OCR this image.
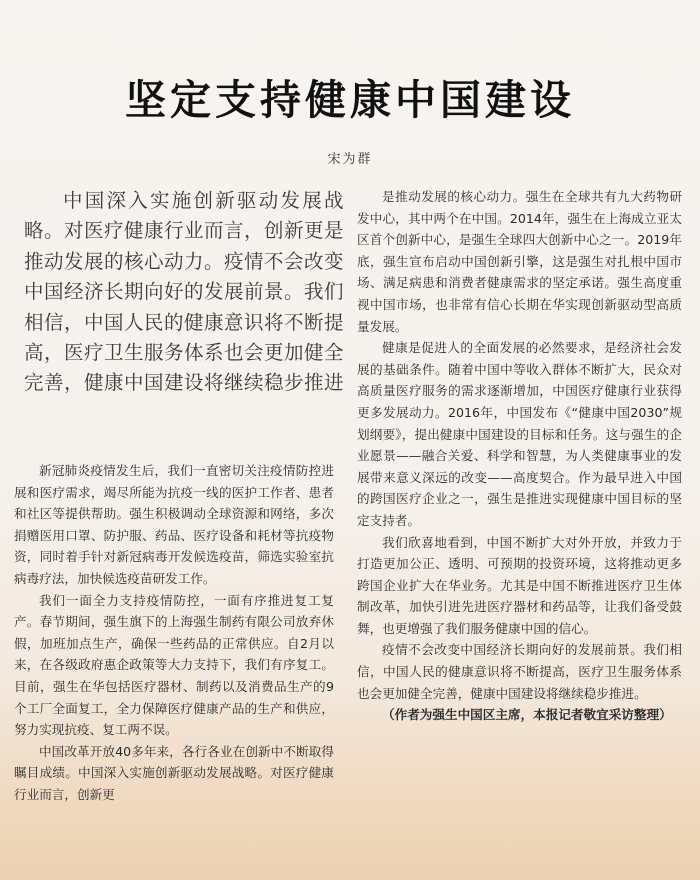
坚定支持健康中国建设
宋为群
中国深入实施创新驱动发展战略。对医疗健康行业而言，创新更是推动发展的核心动力。疫情不会改变中国经济长期向好的发展前景。我们相信，中国人民的健康意识将不断提高，医疗卫生服务体系也会更加健全完善，健康中国建设将继续稳步推进

新冠肺炎疫情发生后，我们一直密切关注疫情防控进展和医疗需求，竭尽所能为抗疫一线的医护工作者、患者和社区等提供帮助。强生积极调动全球资源和网络，多次捐赠医用口罩、防护服、药品、医疗设备和耗材等抗疫物资，同时着手针对新冠病毒开发候选疫苗，筛选实验室抗病毒疗法，加快候选疫苗研发工作。

我们一面全力支持疫情防控，一面有序推进复工复产。春节期间，强生旗下的上海强生制药有限公司放弃休假，加班加点生产，确保一些药品的正常供应。自2月以来，在各级政府惠企政策等大力支持下，我们有序复工。目前，强生在华包括医疗器材、制药以及消费品生产的9个工厂全面复工，全力保障医疗健康产品的生产和供应，努力实现抗疫、复工两不误。

中国改革开放40多年来，各行各业在创新中不断取得瞩目成绩。中国深入实施创新驱动发展战略。对医疗健康行业而言，创新更

是推动发展的核心动力。强生在全球共有九大药物研发中心，其中两个在中国。2014年，强生在上海成立亚太区首个创新中心，是强生全球四大创新中心之一。2019年底，强生宣布启动中国创新引擎，这是强生对扎根中国市场、满足病患和消费者健康需求的坚定承诺。强生高度重视中国市场，也非常有信心长期在华实现创新驱动型高质量发展。

健康是促进人的全面发展的必然要求，是经济社会发展的基础条件。随着中国中等收入群体不断扩大，民众对高质量医疗服务的需求逐渐增加，中国医疗健康行业获得更多发展动力。2016年，中国发布《“健康中国2030”规划纲要》，提出健康中国建设的目标和任务。这与强生的企业愿景——融合关爱、科学和智慧，为人类健康事业的发展带来意义深远的改变——高度契合。作为最早进入中国的跨国医疗企业之一，强生是推进实现健康中国目标的坚定支持者。

我们欣喜地看到，中国不断扩大对外开放，并致力于打造更加公正、透明、可预期的投资环境，这将推动更多跨国企业扩大在华业务。尤其是中国不断推进医疗卫生体制改革，加快引进先进医疗器材和药品等，让我们备受鼓舞，也更增强了我们服务健康中国的信心。

疫情不会改变中国经济长期向好的发展前景。我们相信，中国人民的健康意识将不断提高，医疗卫生服务体系也会更加健全完善，健康中国建设将继续稳步推进。

（作者为强生中国区主席，本报记者敬宜采访整理）
